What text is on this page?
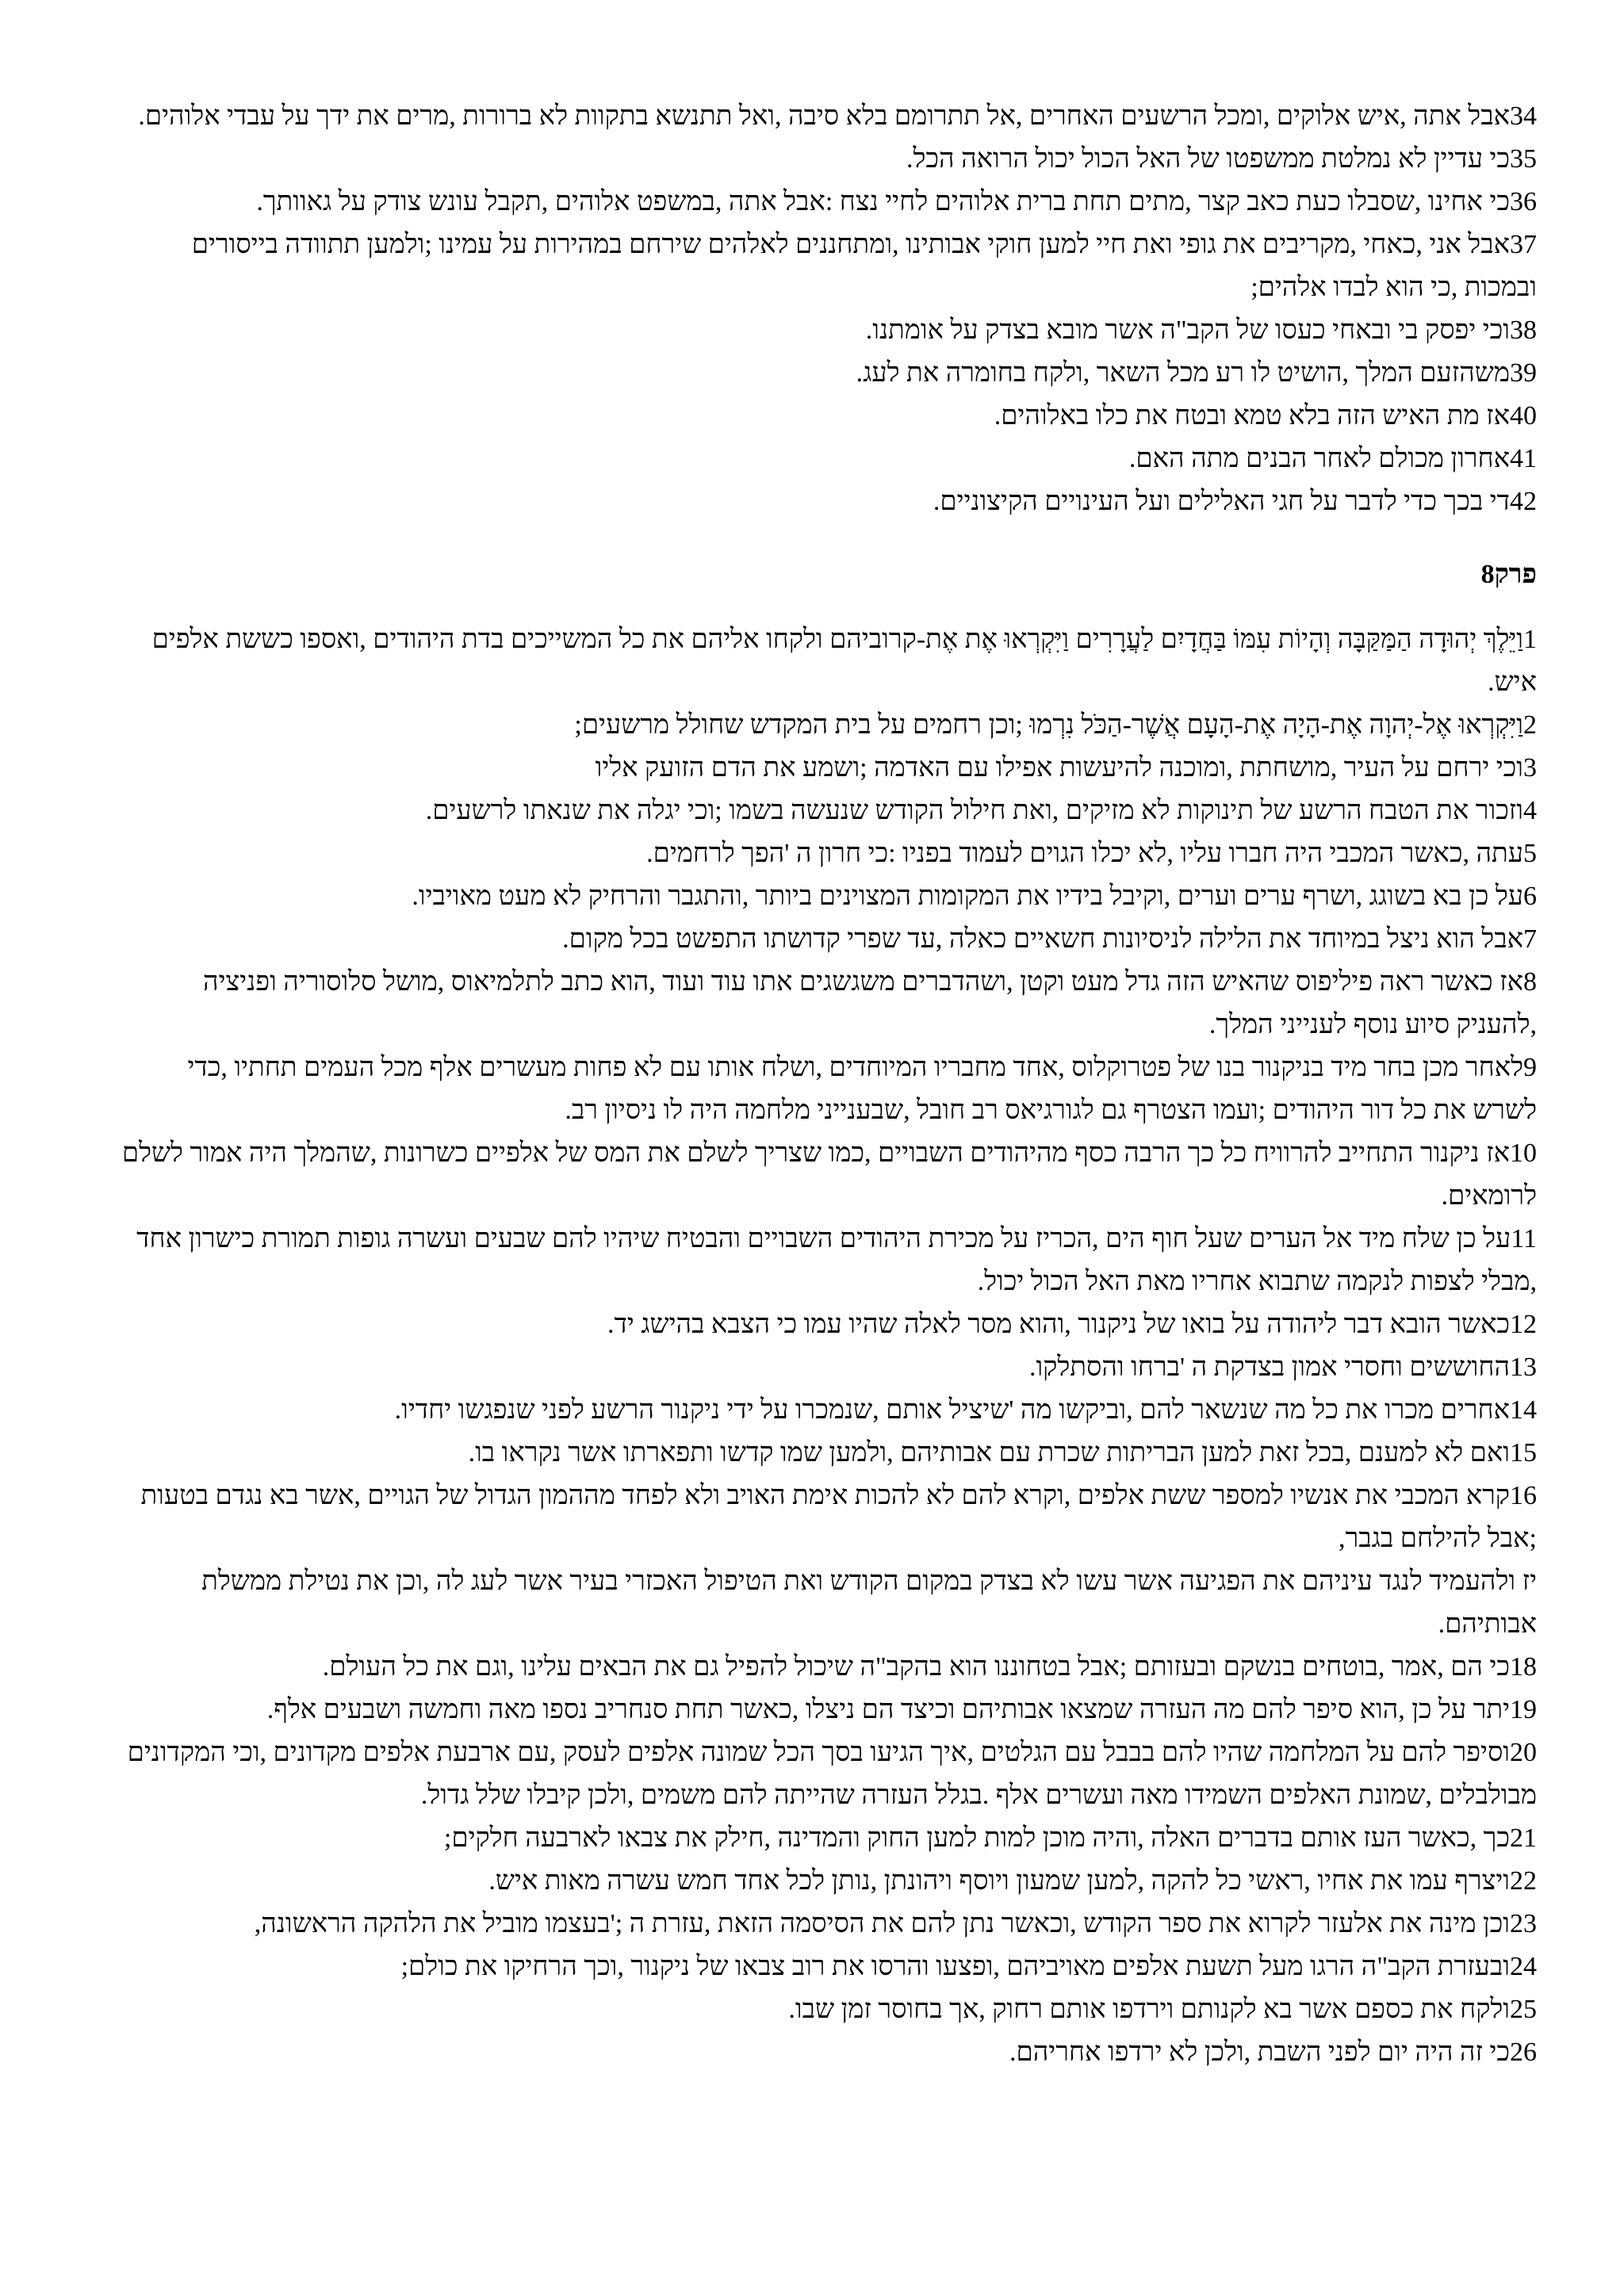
34אבל אתה ,איש אלוקים ,ומכל הרשעים האחרים ,אל תתרומם בלא סיבה ,ואל תתנשא בתקוות לא ברורות ,מרים את ידך על עבדי אלוהים.

35כי עדיין לא נמלטת ממשפטו של האל הכול יכול הרואה הכל.

36כי אחינו ,שסבלו כעת כאב קצר ,מתים תחת ברית אלוהים לחיי נצח :אבל אתה ,במשפט אלוהים ,תקבל עונש צודק על גאוותך.

37אבל אני ,כאחי ,מקריבים את גופי ואת חיי למען חוקי אבותינו ,ומתחננים לאלהים שירחם במהירות על עמינו ;ולמען תתוודה בייסורים ובמכות ,כי הוא לבדו אלהים;

38וכי יפסק בי ובאחי כעסו של הקב"ה אשר מובא בצדק על אומתנו.

39משהזעם המלך ,הושיט לו רע מכל השאר ,ולקח בחומרה את לעג.

40אז מת האיש הזה בלא טמא ובטח את כלו באלוהים.

41אחרון מכולם לאחר הבנים מתה האם.

42די בכך כדי לדבר על חגי האלילים ועל העינויים הקיצוניים.

פרק8

1וַיֵּלֶךְ יְהוּדָה הַמַּקַּבָּה וְהָיוֹת עִמּוֹ בַּחֲדָיִם לַעֲרָרִים וַיִּקְרְאוּ אֶת אֶת-קרוביהם ולקחו אליהם את כל המשייכים בדת היהודים ,ואספו כששת אלפים איש.

2וַיִּקְרְאוּ אֶל-יְהוָה אֶת-הָיָה אֶת-הָעָם אֲשֶׁר-הַכֹּל נִרְמוּ ;וכן רחמים על בית המקדש שחולל מרשעים;

3וכי ירחם על העיר ,מושחתת ,ומוכנה להיעשות אפילו עם האדמה ;ושמע את הדם הזועק אליו

4וזכור את הטבח הרשע של תינוקות לא מזיקים ,ואת חילול הקודש שנעשה בשמו ;וכי יגלה את שנאתו לרשעים.

5עתה ,כאשר המכבי היה חברו עליו ,לא יכלו הגוים לעמוד בפניו :כי חרון ה 'הפך לרחמים.

6על כן בא בשוגג ,ושרף ערים וערים ,וקיבל בידיו את המקומות המצוינים ביותר ,והתגבר והרחיק לא מעט מאויביו.

7אבל הוא ניצל במיוחד את הלילה לניסיונות חשאיים כאלה ,עד שפרי קדושתו התפשט בכל מקום.

8אז כאשר ראה פיליפוס שהאיש הזה גדל מעט וקטן ,ושהדברים משגשגים אתו עוד ועוד ,הוא כתב לתלמיאוס ,מושל סלוסוריה ופניציה ,להעניק סיוע נוסף לענייני המלך.

9לאחר מכן בחר מיד בניקנור בנו של פטרוקלוס ,אחד מחבריו המיוחדים ,ושלח אותו עם לא פחות מעשרים אלף מכל העמים תחתיו ,כדי לשרש את כל דור היהודים ;ועמו הצטרף גם לגורגיאס רב חובל ,שבענייני מלחמה היה לו ניסיון רב.

10אז ניקנור התחייב להרוויח כל כך הרבה כסף מהיהודים השבויים ,כמו שצריך לשלם את המס של אלפיים כשרונות ,שהמלך היה אמור לשלם לרומאים.

11על כן שלח מיד אל הערים שעל חוף הים ,הכריז על מכירת היהודים השבויים והבטיח שיהיו להם שבעים ועשרה גופות תמורת כישרון אחד ,מבלי לצפות לנקמה שתבוא אחריו מאת האל הכול יכול.

12כאשר הובא דבר ליהודה על בואו של ניקנור ,והוא מסר לאלה שהיו עמו כי הצבא בהישג יד.

13החוששים וחסרי אמון בצדקת ה 'ברחו והסתלקו.

14אחרים מכרו את כל מה שנשאר להם ,וביקשו מה 'שיציל אותם ,שנמכרו על ידי ניקנור הרשע לפני שנפגשו יחדיו.

15ואם לא למענם ,בכל זאת למען הבריתות שכרת עם אבותיהם ,ולמען שמו קדשו ותפארתו אשר נקראו בו.

16קרא המכבי את אנשיו למספר ששת אלפים ,וקרא להם לא להכות אימת האויב ולא לפחד מההמון הגדול של הגויים ,אשר בא נגדם בטעות ;אבל להילחם בגבר,

יז ולהעמיד לנגד עיניהם את הפגיעה אשר עשו לא בצדק במקום הקודש ואת הטיפול האכזרי בעיר אשר לעג לה ,וכן את נטילת ממשלת אבותיהם.

18כי הם ,אמר ,בוטחים בנשקם ובעזותם ;אבל בטחוננו הוא בהקב"ה שיכול להפיל גם את הבאים עלינו ,וגם את כל העולם.

19יתר על כן ,הוא סיפר להם מה העזרה שמצאו אבותיהם וכיצד הם ניצלו ,כאשר תחת סנחריב נספו מאה וחמשה ושבעים אלף.

20וסיפר להם על המלחמה שהיו להם בבבל עם הגלטים ,איך הגיעו בסך הכל שמונה אלפים לעסק ,עם ארבעת אלפים מקדונים ,וכי המקדונים מבולבלים ,שמונת האלפים השמידו מאה ועשרים אלף .בגלל העזרה שהייתה להם משמים ,ולכן קיבלו שלל גדול.

21כך ,כאשר העז אותם בדברים האלה ,והיה מוכן למות למען החוק והמדינה ,חילק את צבאו לארבעה חלקים;

22ויצרף עמו את אחיו ,ראשי כל להקה ,למען שמעון ויוסף ויהונתן ,נותן לכל אחד חמש עשרה מאות איש.

23וכן מינה את אלעזר לקרוא את ספר הקודש ,וכאשר נתן להם את הסיסמה הזאת ,עזרת ה ;'בעצמו מוביל את הלהקה הראשונה,

24ובעזרת הקב"ה הרגו מעל תשעת אלפים מאויביהם ,ופצעו והרסו את רוב צבאו של ניקנור ,וכך הרחיקו את כולם;

25ולקח את כספם אשר בא לקנותם וירדפו אותם רחוק ,אך בחוסר זמן שבו.

26כי זה היה יום לפני השבת ,ולכן לא ירדפו אחריהם.
